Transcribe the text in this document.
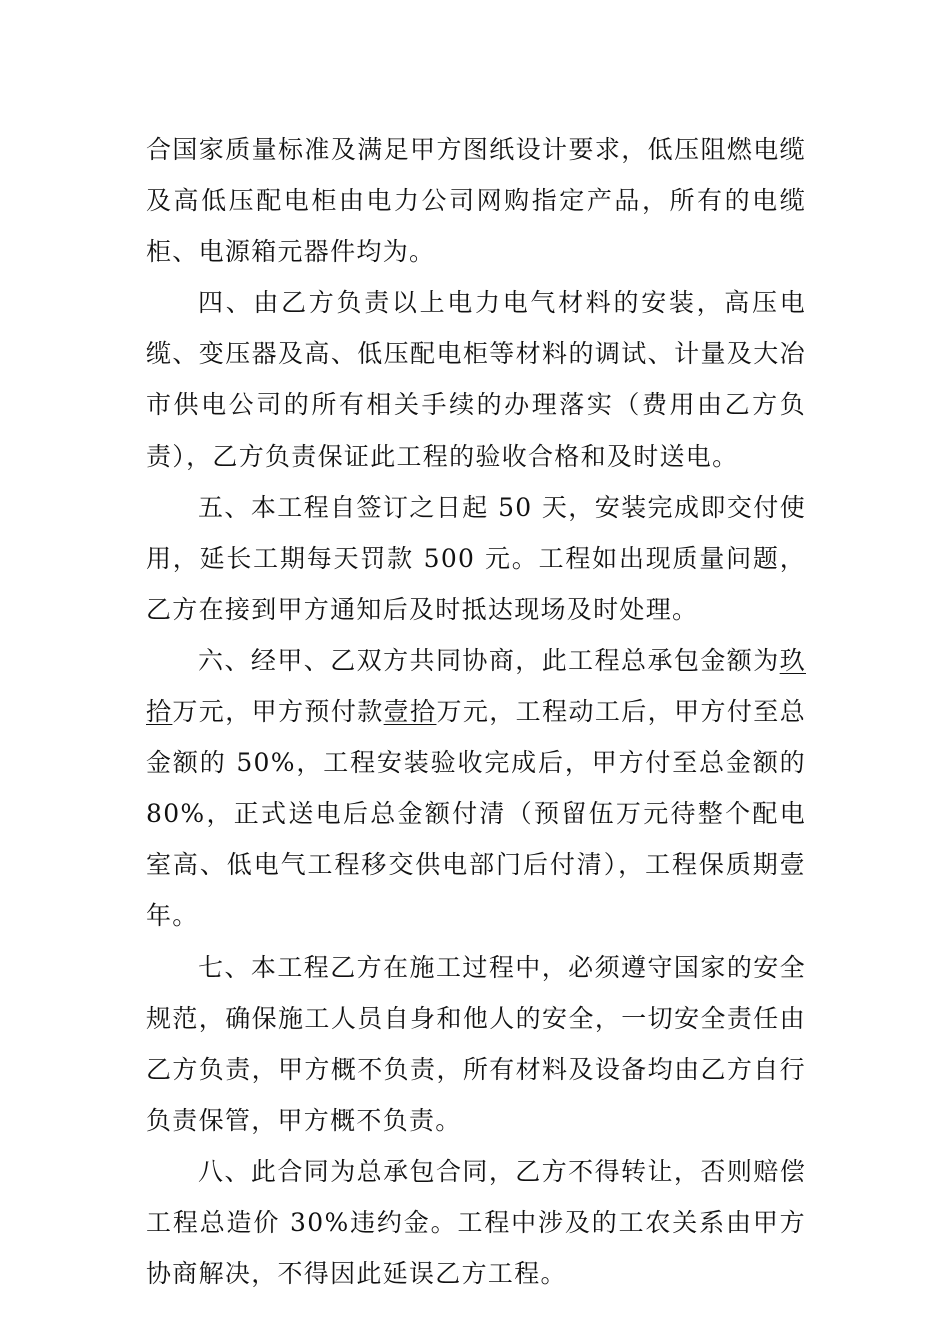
合国家质量标准及满足甲方图纸设计要求，低压阻燃电缆及高低压配电柜由电力公司网购指定产品，所有的电缆柜、电源箱元器件均为。

四、由乙方负责以上电力电气材料的安装，高压电缆、变压器及高、低压配电柜等材料的调试、计量及大冶市供电公司的所有相关手续的办理落实（费用由乙方负责），乙方负责保证此工程的验收合格和及时送电。

五、本工程自签订之日起 50 天，安装完成即交付使用，延长工期每天罚款 500 元。工程如出现质量问题，乙方在接到甲方通知后及时抵达现场及时处理。

六、经甲、乙双方共同协商，此工程总承包金额为玖拾万元，甲方预付款壹拾万元，工程动工后，甲方付至总金额的 50%，工程安装验收完成后，甲方付至总金额的 80%，正式送电后总金额付清（预留伍万元待整个配电室高、低电气工程移交供电部门后付清），工程保质期壹年。

七、本工程乙方在施工过程中，必须遵守国家的安全规范，确保施工人员自身和他人的安全，一切安全责任由乙方负责，甲方概不负责，所有材料及设备均由乙方自行负责保管，甲方概不负责。

八、此合同为总承包合同，乙方不得转让，否则赔偿工程总造价 30%违约金。工程中涉及的工农关系由甲方协商解决，不得因此延误乙方工程。
